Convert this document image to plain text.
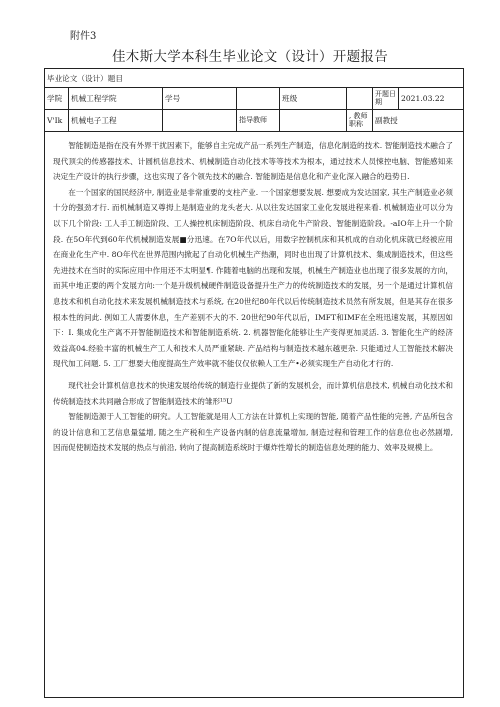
附件3
佳木斯大学本科生毕业论文（设计）开题报告
毕业论文（设计）题目
学院	机械工程学院	学号	班级	开题日期	2021.03.22
V'Ik	机械电子工程	指导教师	, 教师职称	副教授

智能制造是指在没有外界干扰因素下，能够自主完成产品一系列生产制造，信息化制造的技术. 智能制造技术融合了现代顶尖的传感器技术、计圆机信息技术、机械制造自动化技术等等技术为根本，通过技术人员悚控电脑、智能感知来决定生产设计的执行步骤，这也实现了各个领先技术的融合. 智能制造是信息化和产业化深入融合的趋势日.

在一个国家的国民经济中, 制造业是非常重要的支柱产业. 一个国家想要发展. 想要成为发达国家, 其生产制造业必须十分的强劲才行. 而机械制造又尊拇上是制造业的龙头老大. 从以往发达国家工业化发展进程来看. 机械制造业可以分为以下几个阶段: 工人手工制造阶段、工人操控机床制造阶段、机床自动化牛产阶段、智能制造阶段。-aIO年上升一个阶段. 在5O年代到60年代机械制造发展■分迅速。在7O年代以后，用数字控制机床和其机成的自动化机床就已经被应用在商业化生产中. 8O年代在世界范围内掀起了自动化机械生产热潮，同时也出现了计算机技术、集成制造技术，但这些先进技术在当时的实际应用中作用还不太明显¶. 作随着电脑的出现和发展，机械生产制造业也出现了很多发展的方向，而其中地正要的两个发展方向:一个是升级机械硬件制造设备提升生产力的传统制造技术的发展，另一个是通过计算机信息技术和机自动化技术来发展机械制造技术与系统, 在20世纪80年代以后传统制造技术员然有所发展，但是其存在很多根本性的问此. 例如工人需要休息，生产差别不大的不. 20世纪90年代以后，IMFT和IMF在全班迅速发展，其原因如下：I. 集成化生产离不开智能制造技术和智能制造系统. 2. 机器智能化能够让生产变得更加灵活. 3. 智能化生产的经济效益高04.经验丰富的机械生产工人和技术人员严重紧缺. 产品结构与制造技术越东越更杂. 只能通过人工智能技术解决现代加工问题. 5. 工厂想要大他度提高生产效率就不能仅仅依赖人工生产•必须实现生产自动化才行的.

现代社会计算机信息技术的快速发展给传统的制造行业提供了新的发展机会，而计算机信息技术, 机械自动化技术和传统制造技术共同融合形成了智能制造技术的雏形¹⁵U

智能制造源于人工智能的研究。人工智能就是用人工方法在计算机上实现的智能, 随着产品性能的完善, 产品所包含的设计信息和工艺信息量猛增, 随之生产税和生产设备内制的信息流量增加, 制造过程和管理工作的信息位也必然剧增, 因而促使制造技术发展的热点与前沿, 转向了提高制造系统时于爆炸性增长的制造信息处理的能力、效率及规模上。
